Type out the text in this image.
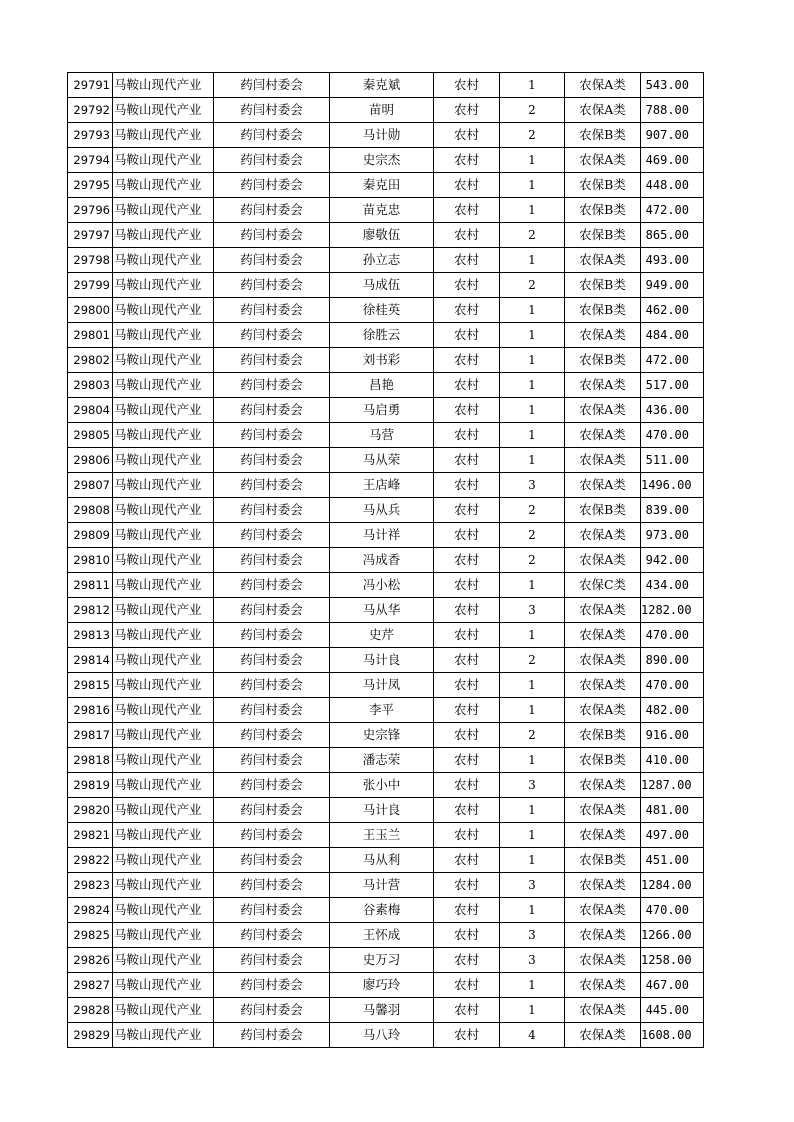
29791	马鞍山现代产业	药闫村委会	秦克斌	农村	1	农保A类	543.00
29792	马鞍山现代产业	药闫村委会	苗明	农村	2	农保A类	788.00
29793	马鞍山现代产业	药闫村委会	马计勋	农村	2	农保B类	907.00
29794	马鞍山现代产业	药闫村委会	史宗杰	农村	1	农保A类	469.00
29795	马鞍山现代产业	药闫村委会	秦克田	农村	1	农保B类	448.00
29796	马鞍山现代产业	药闫村委会	苗克忠	农村	1	农保B类	472.00
29797	马鞍山现代产业	药闫村委会	廖敬伍	农村	2	农保B类	865.00
29798	马鞍山现代产业	药闫村委会	孙立志	农村	1	农保A类	493.00
29799	马鞍山现代产业	药闫村委会	马成伍	农村	2	农保B类	949.00
29800	马鞍山现代产业	药闫村委会	徐桂英	农村	1	农保B类	462.00
29801	马鞍山现代产业	药闫村委会	徐胜云	农村	1	农保A类	484.00
29802	马鞍山现代产业	药闫村委会	刘书彩	农村	1	农保B类	472.00
29803	马鞍山现代产业	药闫村委会	昌艳	农村	1	农保A类	517.00
29804	马鞍山现代产业	药闫村委会	马启勇	农村	1	农保A类	436.00
29805	马鞍山现代产业	药闫村委会	马营	农村	1	农保A类	470.00
29806	马鞍山现代产业	药闫村委会	马从荣	农村	1	农保A类	511.00
29807	马鞍山现代产业	药闫村委会	王店峰	农村	3	农保A类	1496.00
29808	马鞍山现代产业	药闫村委会	马从兵	农村	2	农保B类	839.00
29809	马鞍山现代产业	药闫村委会	马计祥	农村	2	农保A类	973.00
29810	马鞍山现代产业	药闫村委会	冯成香	农村	2	农保A类	942.00
29811	马鞍山现代产业	药闫村委会	冯小松	农村	1	农保C类	434.00
29812	马鞍山现代产业	药闫村委会	马从华	农村	3	农保A类	1282.00
29813	马鞍山现代产业	药闫村委会	史芹	农村	1	农保A类	470.00
29814	马鞍山现代产业	药闫村委会	马计良	农村	2	农保A类	890.00
29815	马鞍山现代产业	药闫村委会	马计凤	农村	1	农保A类	470.00
29816	马鞍山现代产业	药闫村委会	李平	农村	1	农保A类	482.00
29817	马鞍山现代产业	药闫村委会	史宗锋	农村	2	农保B类	916.00
29818	马鞍山现代产业	药闫村委会	潘志荣	农村	1	农保B类	410.00
29819	马鞍山现代产业	药闫村委会	张小中	农村	3	农保A类	1287.00
29820	马鞍山现代产业	药闫村委会	马计良	农村	1	农保A类	481.00
29821	马鞍山现代产业	药闫村委会	王玉兰	农村	1	农保A类	497.00
29822	马鞍山现代产业	药闫村委会	马从利	农村	1	农保B类	451.00
29823	马鞍山现代产业	药闫村委会	马计营	农村	3	农保A类	1284.00
29824	马鞍山现代产业	药闫村委会	谷素梅	农村	1	农保A类	470.00
29825	马鞍山现代产业	药闫村委会	王怀成	农村	3	农保A类	1266.00
29826	马鞍山现代产业	药闫村委会	史万习	农村	3	农保A类	1258.00
29827	马鞍山现代产业	药闫村委会	廖巧玲	农村	1	农保A类	467.00
29828	马鞍山现代产业	药闫村委会	马馨羽	农村	1	农保A类	445.00
29829	马鞍山现代产业	药闫村委会	马八玲	农村	4	农保A类	1608.00
